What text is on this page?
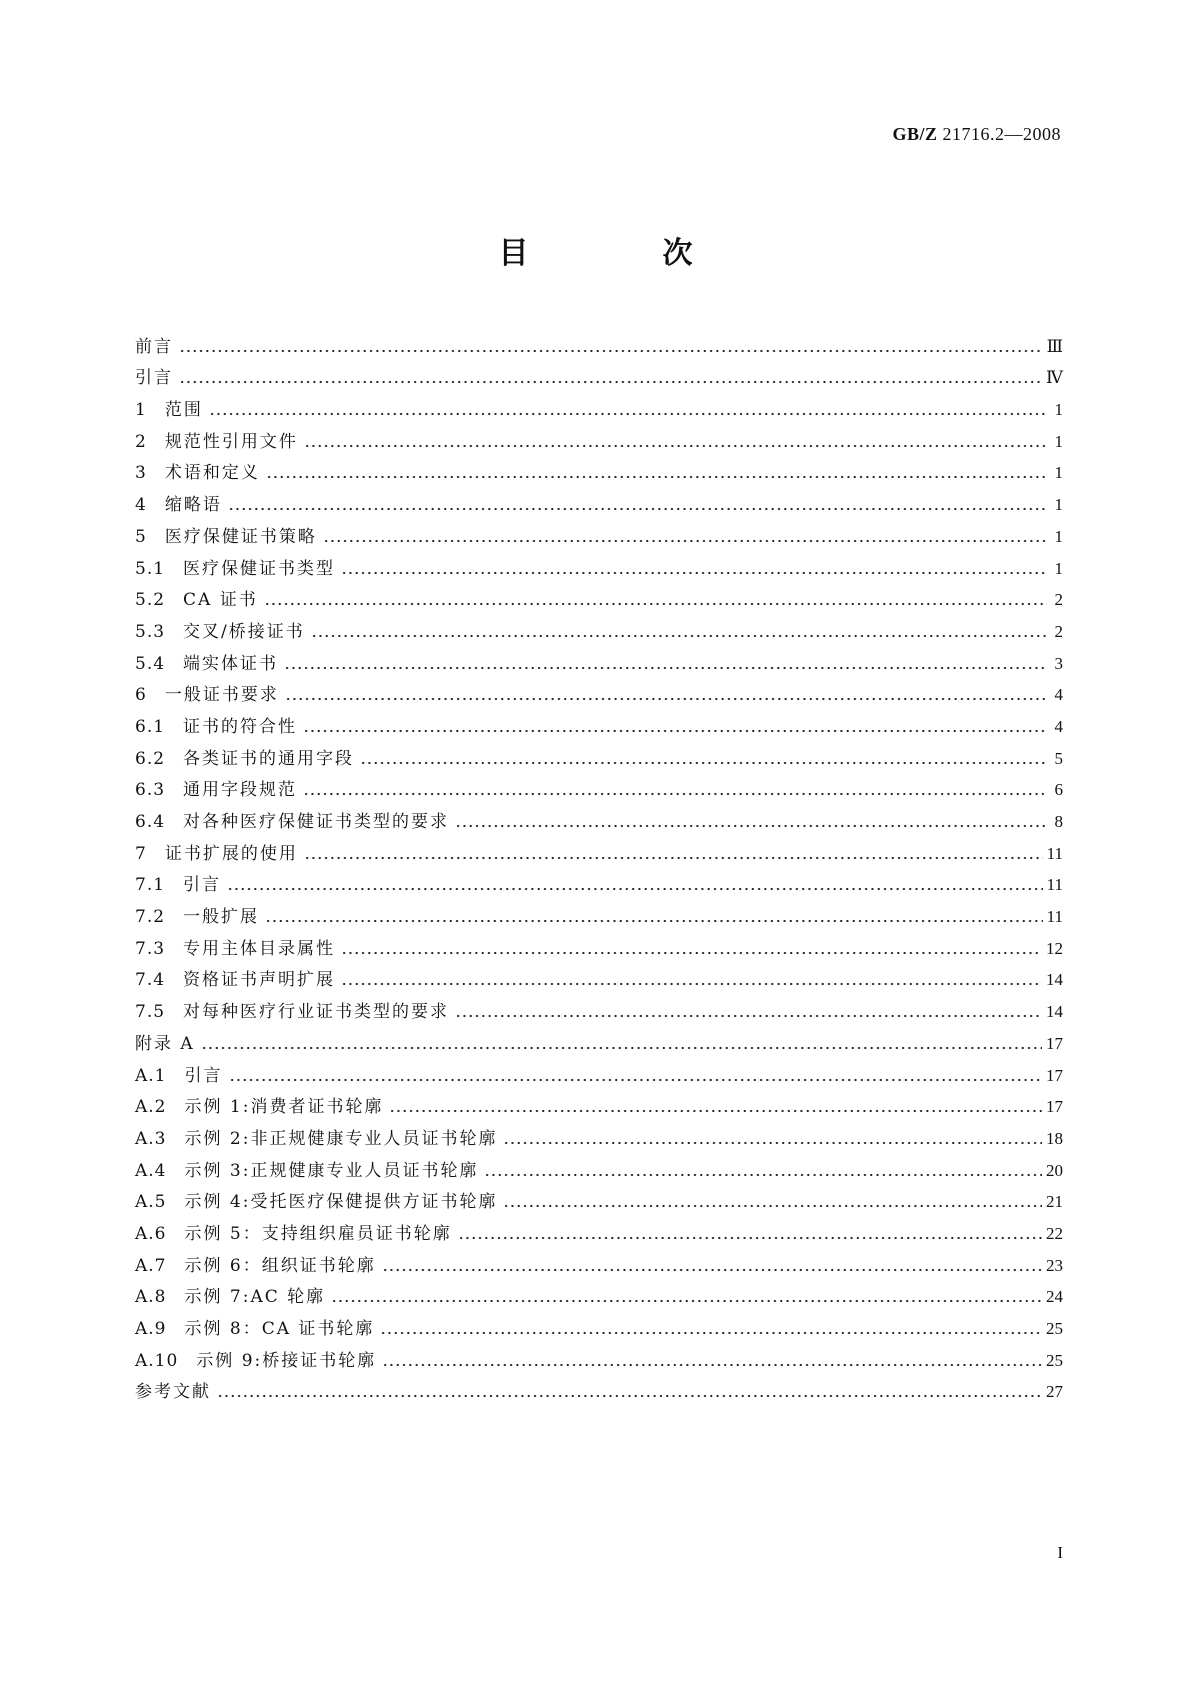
GB/Z 21716.2—2008
目　次
前言	Ⅲ
引言	Ⅳ
1　 范围	1
2　 规范性引用文件	1
3　 术语和定义	1
4　 缩略语	1
5　 医疗保健证书策略	1
5.1　 医疗保健证书类型	1
5.2　 CA 证书	2
5.3　 交叉/桥接证书	2
5.4　 端实体证书	3
6　 一般证书要求	4
6.1　 证书的符合性	4
6.2　 各类证书的通用字段	5
6.3　 通用字段规范	6
6.4　 对各种医疗保健证书类型的要求	8
7　 证书扩展的使用	11
7.1　 引言	11
7.2　 一般扩展	11
7.3　 专用主体目录属性	12
7.4　 资格证书声明扩展	14
7.5　 对每种医疗行业证书类型的要求	14
附录 A	17
A.1　 引言	17
A.2　 示例 1:消费者证书轮廓	17
A.3　 示例 2:非正规健康专业人员证书轮廓	18
A.4　 示例 3:正规健康专业人员证书轮廓	20
A.5　 示例 4:受托医疗保健提供方证书轮廓	21
A.6　 示例 5：支持组织雇员证书轮廓	22
A.7　 示例 6：组织证书轮廓	23
A.8　 示例 7:AC 轮廓	24
A.9　 示例 8：CA 证书轮廓	25
A.10　 示例 9:桥接证书轮廓	25
参考文献	27
I
